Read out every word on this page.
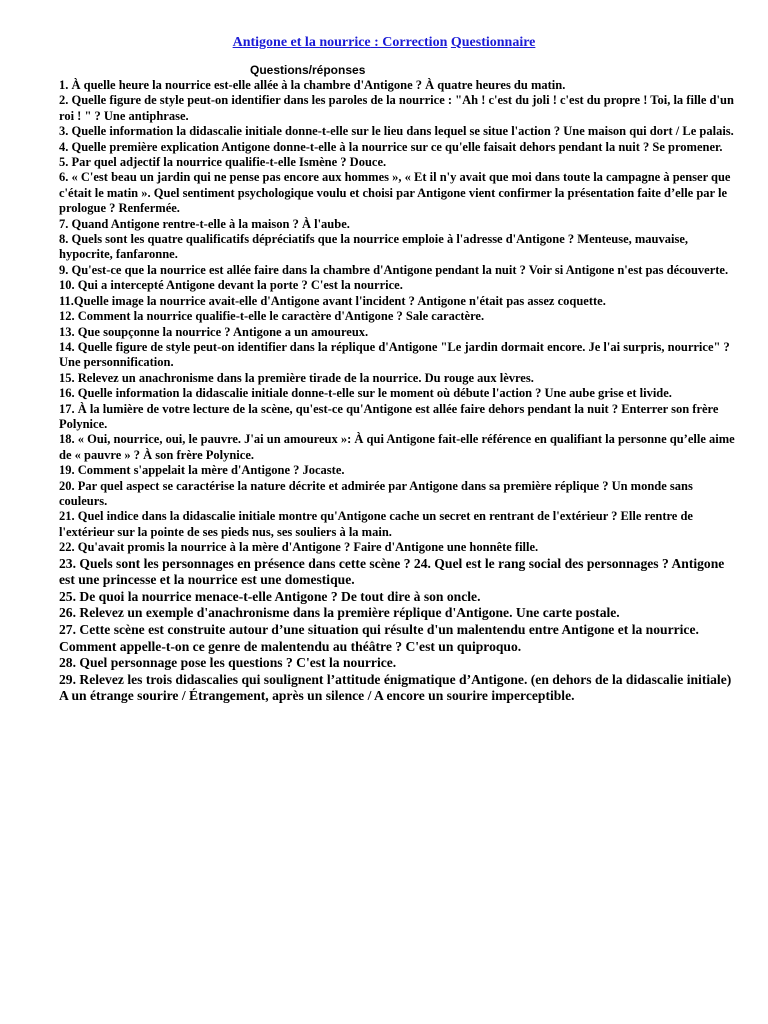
Antigone et la nourrice : Correction Questionnaire
Questions/réponses

1. À quelle heure la nourrice est-elle allée à la chambre d'Antigone ? À quatre heures du matin.

2. Quelle figure de style peut-on identifier dans les paroles de la nourrice : "Ah ! c'est du joli ! c'est du propre ! Toi, la fille d'un roi ! " ? Une antiphrase.

3. Quelle information la didascalie initiale donne-t-elle sur le lieu dans lequel se situe l'action ? Une maison qui dort / Le palais.

4. Quelle première explication Antigone donne-t-elle à la nourrice sur ce qu'elle faisait dehors pendant la nuit ? Se promener.

5. Par quel adjectif la nourrice qualifie-t-elle Ismène ? Douce.

6. « C'est beau un jardin qui ne pense pas encore aux hommes », « Et il n'y avait que moi dans toute la campagne à penser que c'était le matin ». Quel sentiment psychologique voulu et choisi par Antigone vient confirmer la présentation faite d’elle par le prologue ? Renfermée.

7. Quand Antigone rentre-t-elle à la maison ? À l'aube.

8. Quels sont les quatre qualificatifs dépréciatifs que la nourrice emploie à l'adresse d'Antigone ? Menteuse, mauvaise, hypocrite, fanfaronne.

9. Qu'est-ce que la nourrice est allée faire dans la chambre d'Antigone pendant la nuit ? Voir si Antigone n'est pas découverte.

10. Qui a intercepté Antigone devant la porte ? C'est la nourrice.

11.Quelle image la nourrice avait-elle d'Antigone avant l'incident ? Antigone n'était pas assez coquette.

12. Comment la nourrice qualifie-t-elle le caractère d'Antigone ? Sale caractère.

13. Que soupçonne la nourrice ? Antigone a un amoureux.

14. Quelle figure de style peut-on identifier dans la réplique d'Antigone "Le jardin dormait encore. Je l'ai surpris, nourrice" ? Une personnification.

15. Relevez un anachronisme dans la première tirade de la nourrice. Du rouge aux lèvres.

16. Quelle information la didascalie initiale donne-t-elle sur le moment où débute l'action ? Une aube grise et livide.

17. À la lumière de votre lecture de la scène, qu'est-ce qu'Antigone est allée faire dehors pendant la nuit ? Enterrer son frère Polynice.

18. « Oui, nourrice, oui, le pauvre. J'ai un amoureux »: À qui Antigone fait-elle référence en qualifiant la personne qu’elle aime de « pauvre » ? À son frère Polynice.

19. Comment s'appelait la mère d'Antigone ? Jocaste.

20. Par quel aspect se caractérise la nature décrite et admirée par Antigone dans sa première réplique ? Un monde sans couleurs.

21. Quel indice dans la didascalie initiale montre qu'Antigone cache un secret en rentrant de l'extérieur ? Elle rentre de l'extérieur sur la pointe de ses pieds nus, ses souliers à la main.

22. Qu'avait promis la nourrice à la mère d'Antigone ? Faire d'Antigone une honnête fille.

23. Quels sont les personnages en présence dans cette scène ? 24. Quel est le rang social des personnages ? Antigone est une princesse et la nourrice est une domestique.

25. De quoi la nourrice menace-t-elle Antigone ? De tout dire à son oncle.

26. Relevez un exemple d'anachronisme dans la première réplique d'Antigone. Une carte postale.

27. Cette scène est construite autour d’une situation qui résulte d'un malentendu entre Antigone et la nourrice. Comment appelle-t-on ce genre de malentendu au théâtre ? C'est un quiproquo.

28. Quel personnage pose les questions ? C'est la nourrice.

29. Relevez les trois didascalies qui soulignent l’attitude énigmatique d’Antigone. (en dehors de la didascalie initiale)

A un étrange sourire / Étrangement, après un silence / A encore un sourire imperceptible.
